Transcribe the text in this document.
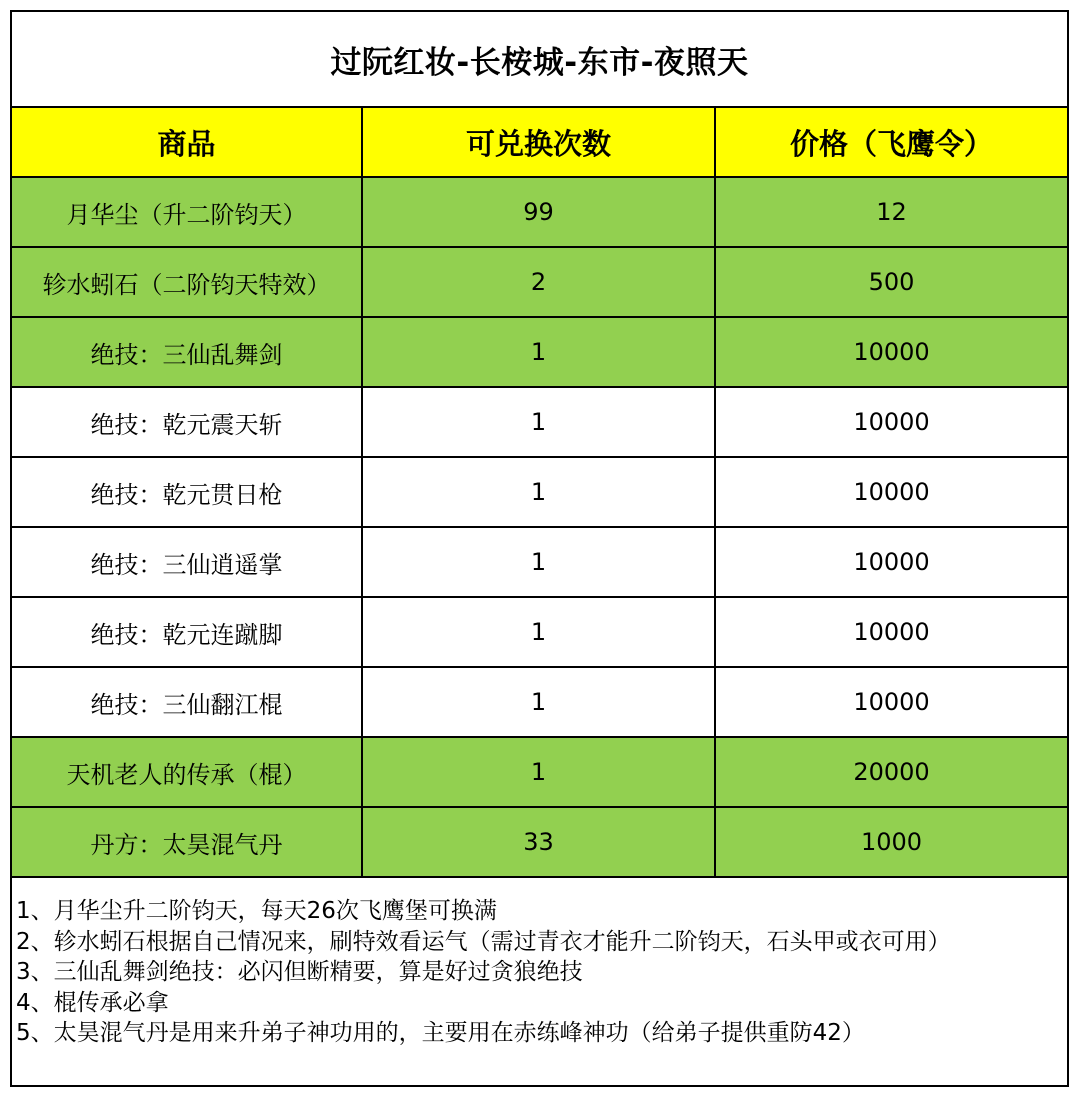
过阮红妆-长桉城-东市-夜照天
商品	可兑换次数	价格（飞鹰令）
月华尘（升二阶钧天）	99	12
轸水蚓石（二阶钧天特效）	2	500
绝技：三仙乱舞剑	1	10000
绝技：乾元震天斩	1	10000
绝技：乾元贯日枪	1	10000
绝技：三仙逍遥掌	1	10000
绝技：乾元连蹴脚	1	10000
绝技：三仙翻江棍	1	10000
天机老人的传承（棍）	1	20000
丹方：太昊混气丹	33	1000
1、月华尘升二阶钧天，每天26次飞鹰堡可换满
2、轸水蚓石根据自己情况来，刷特效看运气（需过青衣才能升二阶钧天，石头甲或衣可用）
3、三仙乱舞剑绝技：必闪但断精要，算是好过贪狼绝技
4、棍传承必拿
5、太昊混气丹是用来升弟子神功用的，主要用在赤练峰神功（给弟子提供重防42）
